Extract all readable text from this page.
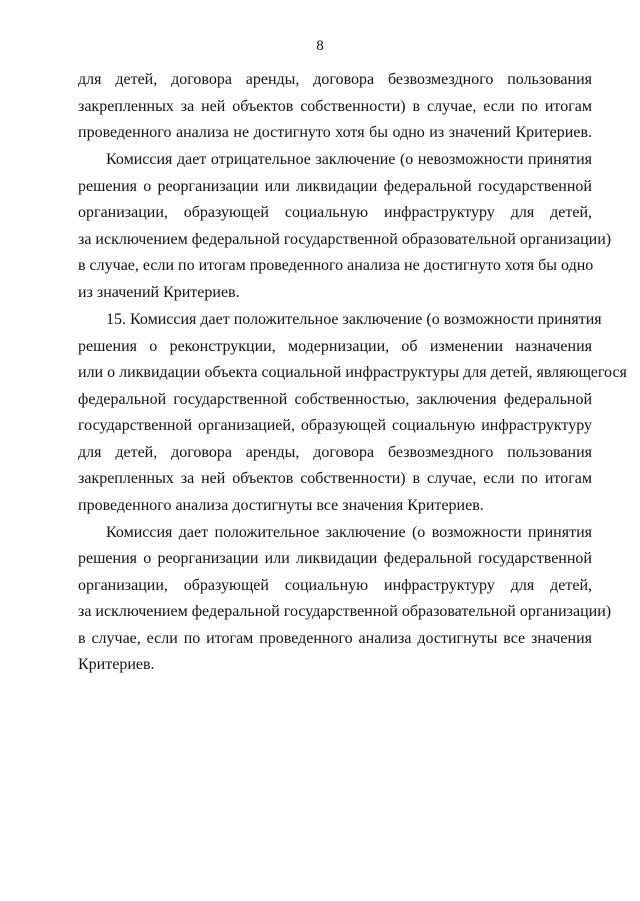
8
для детей, договора аренды, договора безвозмездного пользования
закрепленных за ней объектов собственности) в случае, если по итогам
проведенного анализа не достигнуто хотя бы одно из значений Критериев.
Комиссия дает отрицательное заключение (о невозможности принятия
решения о реорганизации или ликвидации федеральной государственной
организации, образующей социальную инфраструктуру для детей,
за исключением федеральной государственной образовательной организации)
в случае, если по итогам проведенного анализа не достигнуто хотя бы одно
из значений Критериев.
15. Комиссия дает положительное заключение (о возможности принятия
решения о реконструкции, модернизации, об изменении назначения
или о ликвидации объекта социальной инфраструктуры для детей, являющегося
федеральной государственной собственностью, заключения федеральной
государственной организацией, образующей социальную инфраструктуру
для детей, договора аренды, договора безвозмездного пользования
закрепленных за ней объектов собственности) в случае, если по итогам
проведенного анализа достигнуты все значения Критериев.
Комиссия дает положительное заключение (о возможности принятия
решения о реорганизации или ликвидации федеральной государственной
организации, образующей социальную инфраструктуру для детей,
за исключением федеральной государственной образовательной организации)
в случае, если по итогам проведенного анализа достигнуты все значения
Критериев.
